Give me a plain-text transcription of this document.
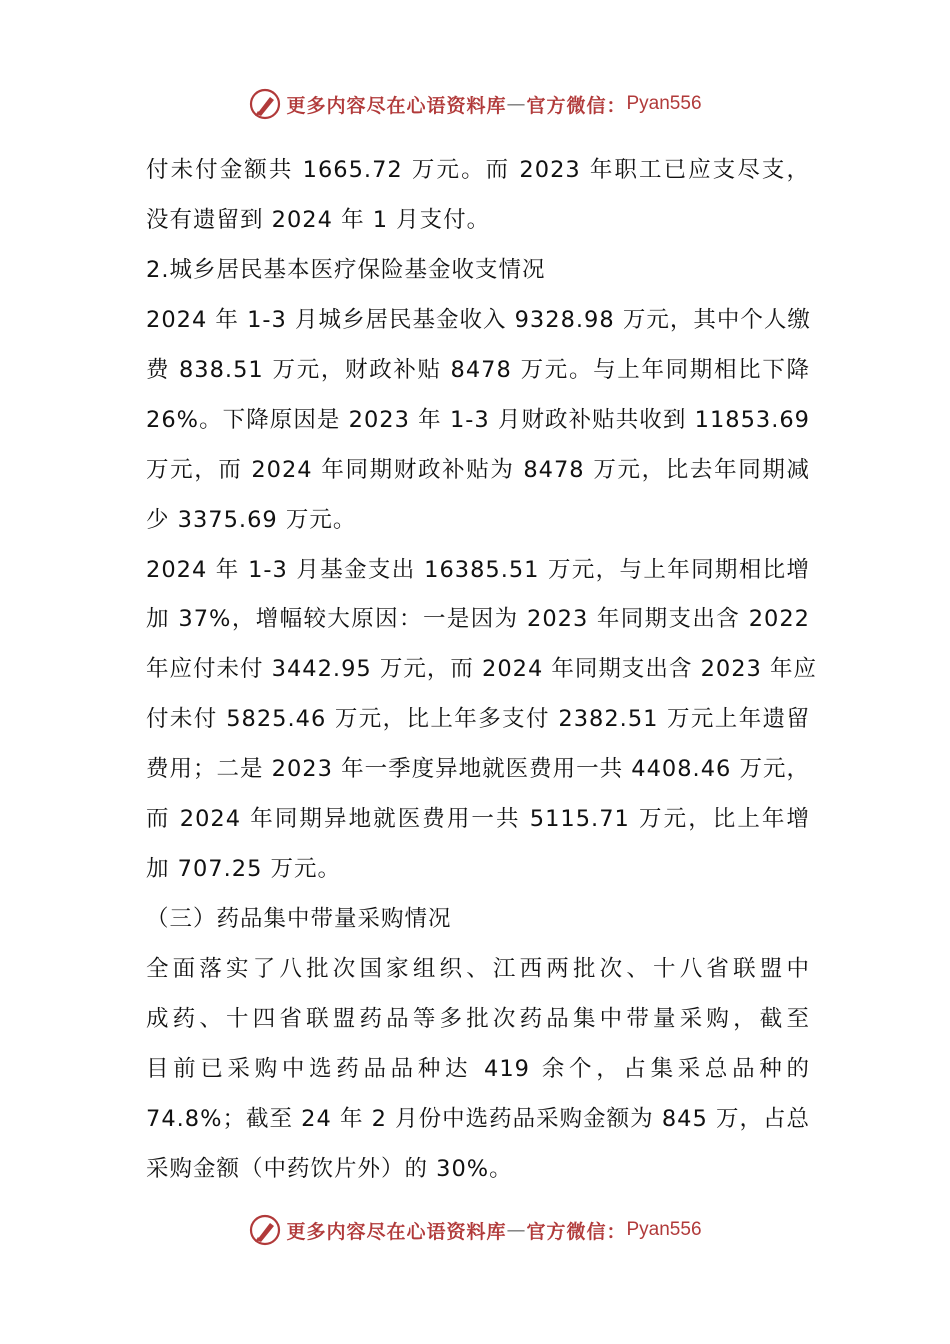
更多内容尽在心语资料库 — 官方微信： Pyan556
付未付金额共 1665.72 万元。而 2023 年职工已应支尽支，
没有遗留到 2024 年 1 月支付。
2.城乡居民基本医疗保险基金收支情况
2024 年 1-3 月城乡居民基金收入 9328.98 万元，其中个人缴
费 838.51 万元，财政补贴 8478 万元。与上年同期相比下降
26%。下降原因是 2023 年 1-3 月财政补贴共收到 11853.69
万元，而 2024 年同期财政补贴为 8478 万元，比去年同期减
少 3375.69 万元。
2024 年 1-3 月基金支出 16385.51 万元，与上年同期相比增
加 37%，增幅较大原因：一是因为 2023 年同期支出含 2022
年应付未付 3442.95 万元，而 2024 年同期支出含 2023 年应
付未付 5825.46 万元，比上年多支付 2382.51 万元上年遗留
费用；二是 2023 年一季度异地就医费用一共 4408.46 万元，
而 2024 年同期异地就医费用一共 5115.71 万元，比上年增
加 707.25 万元。
（三）药品集中带量采购情况
全面落实了八批次国家组织、江西两批次、十八省联盟中
成药、十四省联盟药品等多批次药品集中带量采购，截至
目前已采购中选药品品种达 419 余个，占集采总品种的
74.8%；截至 24 年 2 月份中选药品采购金额为 845 万，占总
采购金额（中药饮片外）的 30%。
更多内容尽在心语资料库 — 官方微信： Pyan556
